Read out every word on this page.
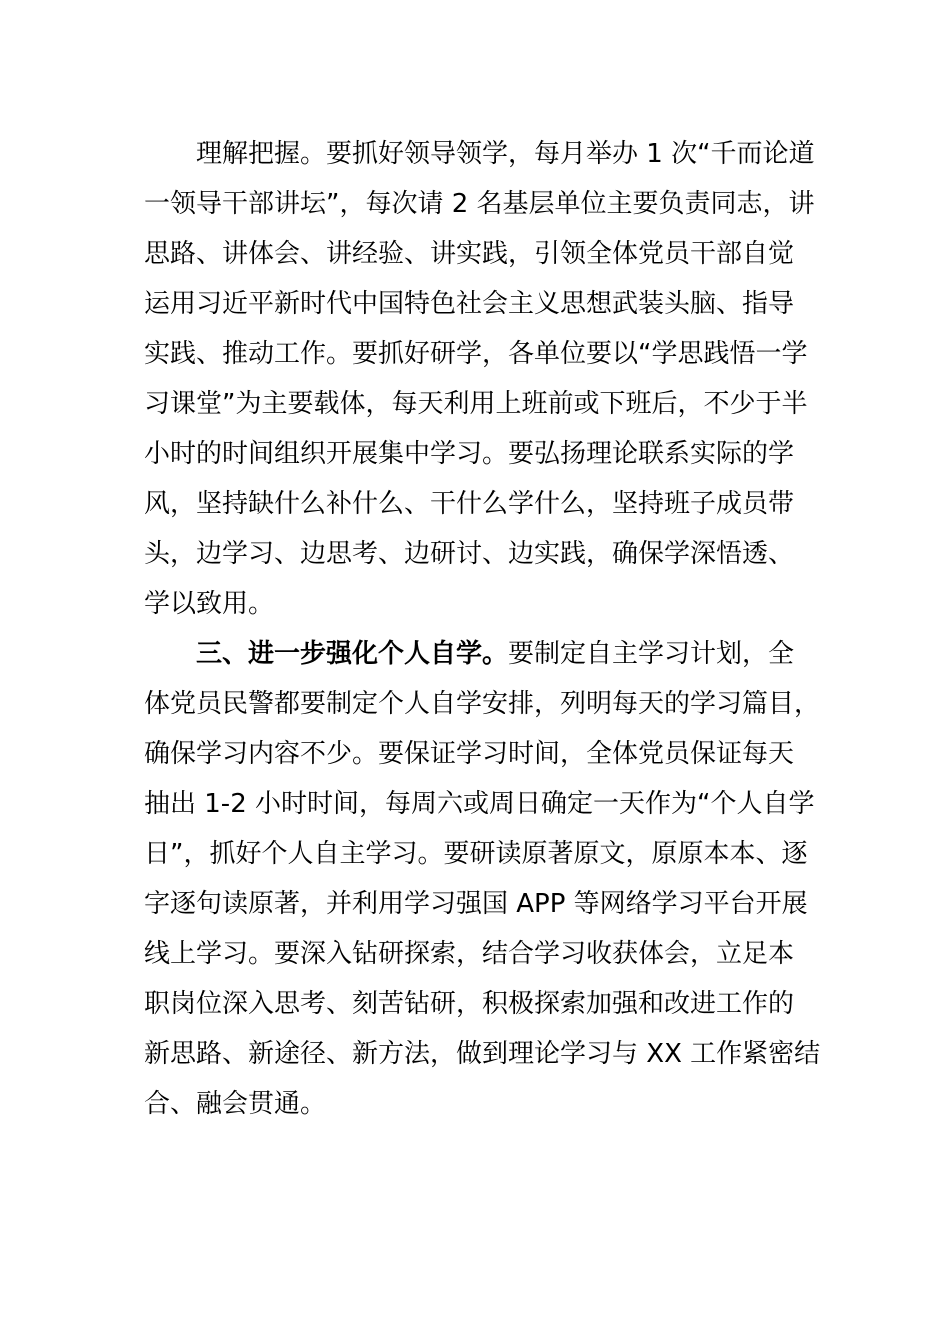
理解把握。要抓好领导领学，每月举办 1 次“千而论道
一领导干部讲坛”，每次请 2 名基层单位主要负责同志，讲
思路、讲体会、讲经验、讲实践，引领全体党员干部自觉
运用习近平新时代中国特色社会主义思想武装头脑、指导
实践、推动工作。要抓好研学，各单位要以“学思践悟一学
习课堂”为主要载体，每天利用上班前或下班后，不少于半
小时的时间组织开展集中学习。要弘扬理论联系实际的学
风，坚持缺什么补什么、干什么学什么，坚持班子成员带
头，边学习、边思考、边研讨、边实践，确保学深悟透、
学以致用。
三、进一步强化个人自学。要制定自主学习计划，全
体党员民警都要制定个人自学安排，列明每天的学习篇目，
确保学习内容不少。要保证学习时间，全体党员保证每天
抽出 1-2 小时时间，每周六或周日确定一天作为“个人自学
日”，抓好个人自主学习。要研读原著原文，原原本本、逐
字逐句读原著，并利用学习强国 APP 等网络学习平台开展
线上学习。要深入钻研探索，结合学习收获体会，立足本
职岗位深入思考、刻苦钻研，积极探索加强和改进工作的
新思路、新途径、新方法，做到理论学习与 XX 工作紧密结
合、融会贯通。
